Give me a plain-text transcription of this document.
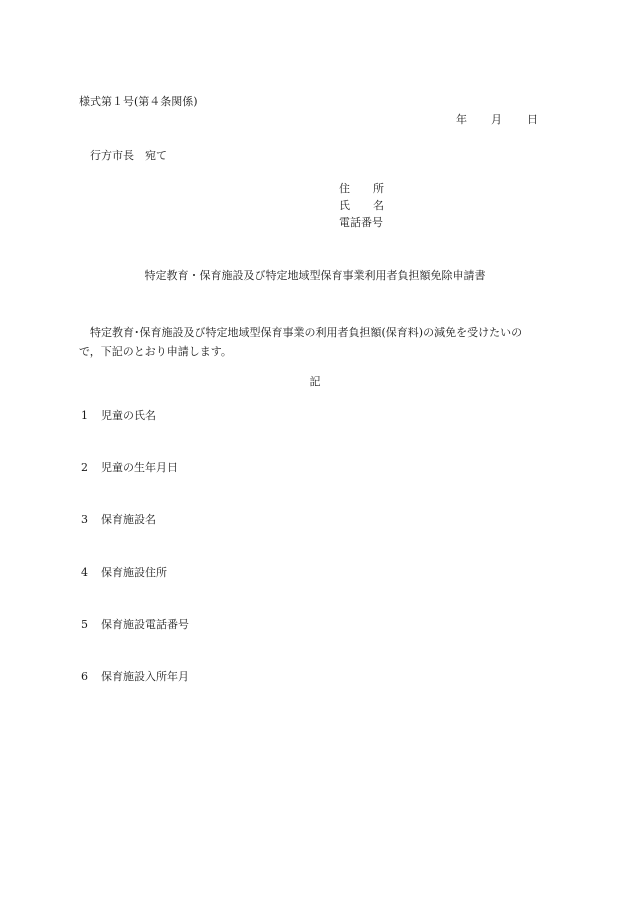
様式第１号(第４条関係)
年 月 日
行方市長 宛て
住所
氏名
電話番号
特定教育・保育施設及び特定地域型保育事業利用者負担額免除申請書
特定教育･保育施設及び特定地域型保育事業の利用者負担額(保育料)の減免を受けたいの
で，下記のとおり申請します。
記
1 児童の氏名
2 児童の生年月日
3 保育施設名
4 保育施設住所
5 保育施設電話番号
6 保育施設入所年月
